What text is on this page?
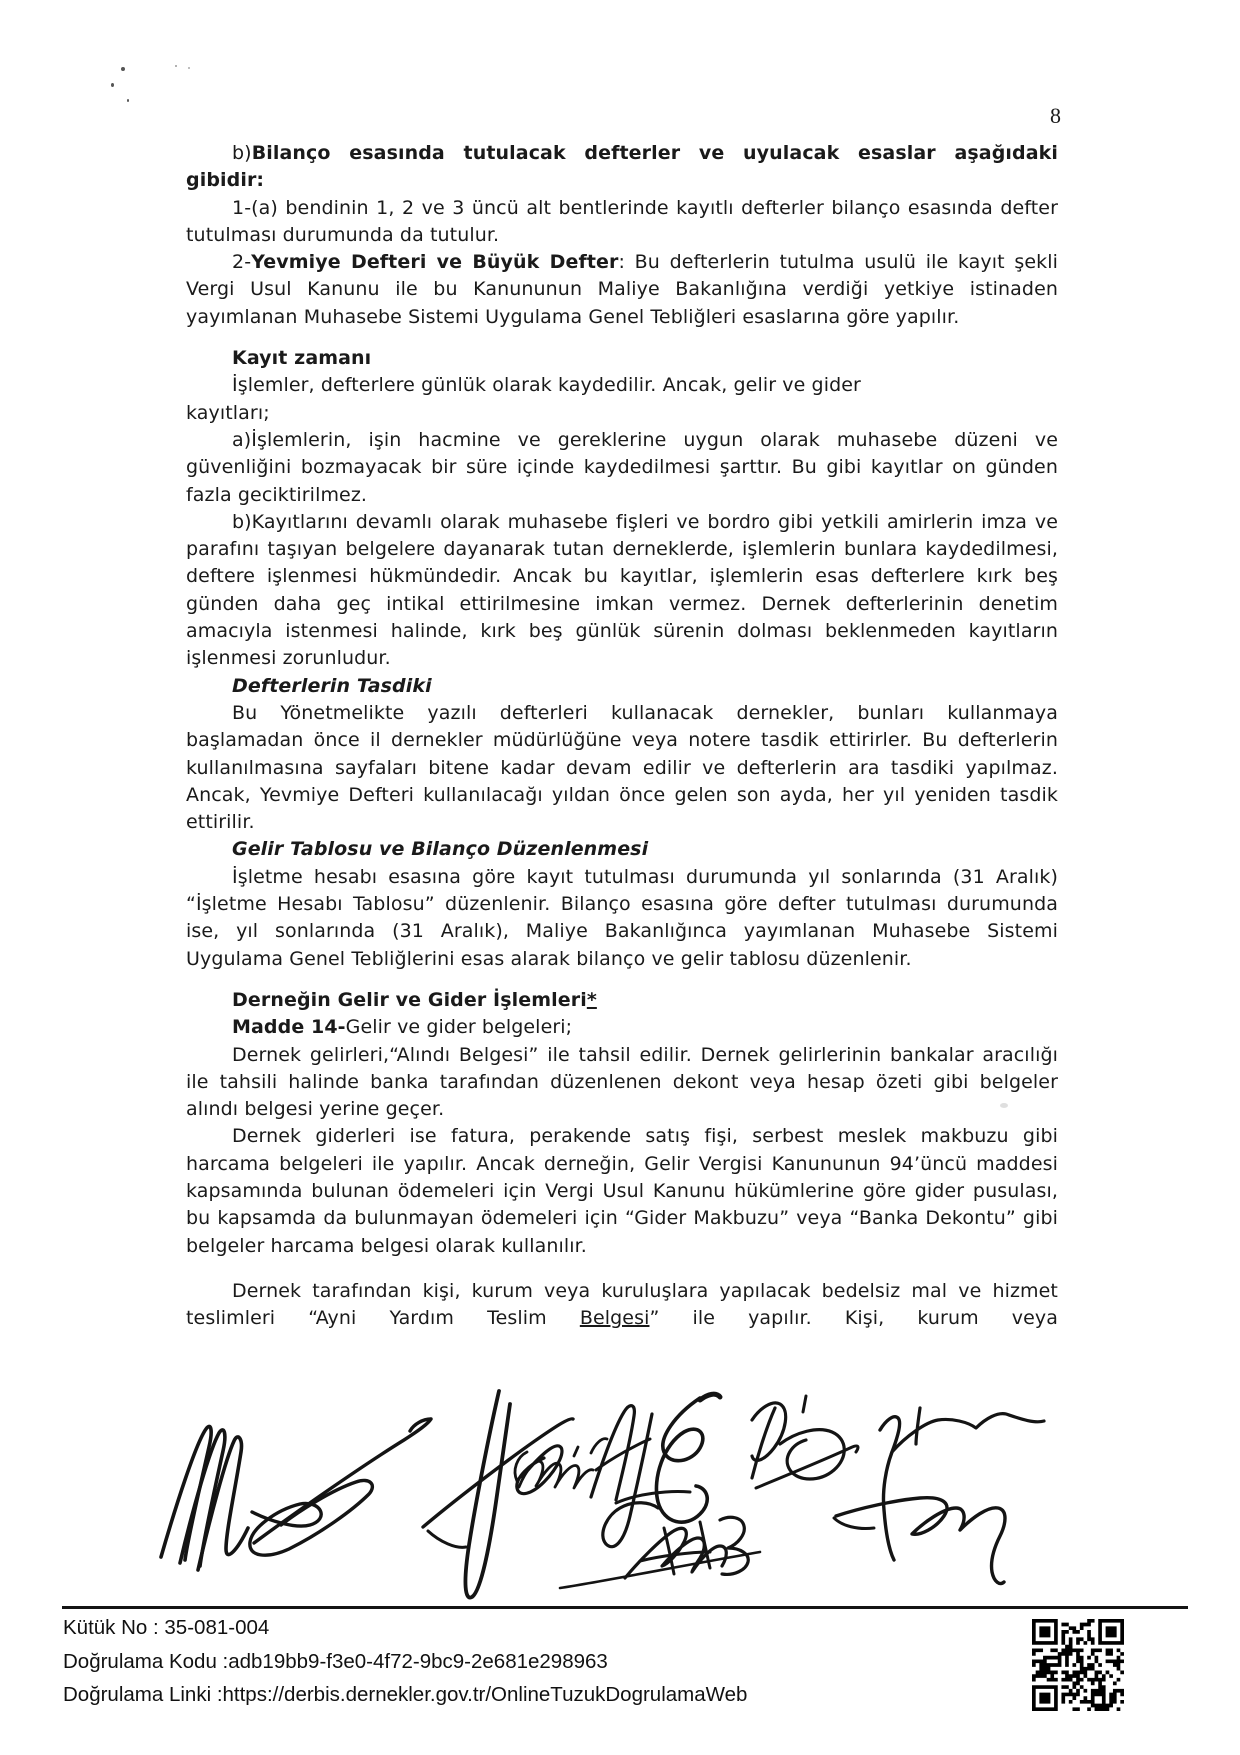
8

b)Bilanço esasında tutulacak defterler ve uyulacak esaslar aşağıdaki gibidir:

1-(a) bendinin 1, 2 ve 3 üncü alt bentlerinde kayıtlı defterler bilanço esasında defter tutulması durumunda da tutulur.

2-Yevmiye Defteri ve Büyük Defter: Bu defterlerin tutulma usulü ile kayıt şekli Vergi Usul Kanunu ile bu Kanununun Maliye Bakanlığına verdiği yetkiye istinaden yayımlanan Muhasebe Sistemi Uygulama Genel Tebliğleri esaslarına göre yapılır.

Kayıt zamanı

İşlemler, defterlere günlük olarak kaydedilir. Ancak, gelir ve gider
kayıtları;

a)İşlemlerin, işin hacmine ve gereklerine uygun olarak muhasebe düzeni ve güvenliğini bozmayacak bir süre içinde kaydedilmesi şarttır. Bu gibi kayıtlar on günden fazla geciktirilmez.

b)Kayıtlarını devamlı olarak muhasebe fişleri ve bordro gibi yetkili amirlerin imza ve parafını taşıyan belgelere dayanarak tutan derneklerde, işlemlerin bunlara kaydedilmesi, deftere işlenmesi hükmündedir. Ancak bu kayıtlar, işlemlerin esas defterlere kırk beş günden daha geç intikal ettirilmesine imkan vermez. Dernek defterlerinin denetim amacıyla istenmesi halinde, kırk beş günlük sürenin dolması beklenmeden kayıtların işlenmesi zorunludur.

Defterlerin Tasdiki

Bu Yönetmelikte yazılı defterleri kullanacak dernekler, bunları kullanmaya başlamadan önce il dernekler müdürlüğüne veya notere tasdik ettirirler. Bu defterlerin kullanılmasına sayfaları bitene kadar devam edilir ve defterlerin ara tasdiki yapılmaz. Ancak, Yevmiye Defteri kullanılacağı yıldan önce gelen son ayda, her yıl yeniden tasdik ettirilir.

Gelir Tablosu ve Bilanço Düzenlenmesi

İşletme hesabı esasına göre kayıt tutulması durumunda yıl sonlarında (31 Aralık) “İşletme Hesabı Tablosu” düzenlenir. Bilanço esasına göre defter tutulması durumunda ise, yıl sonlarında (31 Aralık), Maliye Bakanlığınca yayımlanan Muhasebe Sistemi Uygulama Genel Tebliğlerini esas alarak bilanço ve gelir tablosu düzenlenir.

Derneğin Gelir ve Gider İşlemleri*

Madde 14-Gelir ve gider belgeleri;

Dernek gelirleri,“Alındı Belgesi” ile tahsil edilir. Dernek gelirlerinin bankalar aracılığı ile tahsili halinde banka tarafından düzenlenen dekont veya hesap özeti gibi belgeler alındı belgesi yerine geçer.

Dernek giderleri ise fatura, perakende satış fişi, serbest meslek makbuzu gibi harcama belgeleri ile yapılır. Ancak derneğin, Gelir Vergisi Kanununun 94’üncü maddesi kapsamında bulunan ödemeleri için Vergi Usul Kanunu hükümlerine göre gider pusulası, bu kapsamda da bulunmayan ödemeleri için “Gider Makbuzu” veya “Banka Dekontu” gibi belgeler harcama belgesi olarak kullanılır.

Dernek tarafından kişi, kurum veya kuruluşlara yapılacak bedelsiz mal ve hizmet teslimleri “Ayni Yardım Teslim Belgesi” ile yapılır. Kişi, kurum veya

Kütük No : 35-081-004
Doğrulama Kodu :adb19bb9-f3e0-4f72-9bc9-2e681e298963
Doğrulama Linki :https://derbis.dernekler.gov.tr/OnlineTuzukDogrulamaWeb
